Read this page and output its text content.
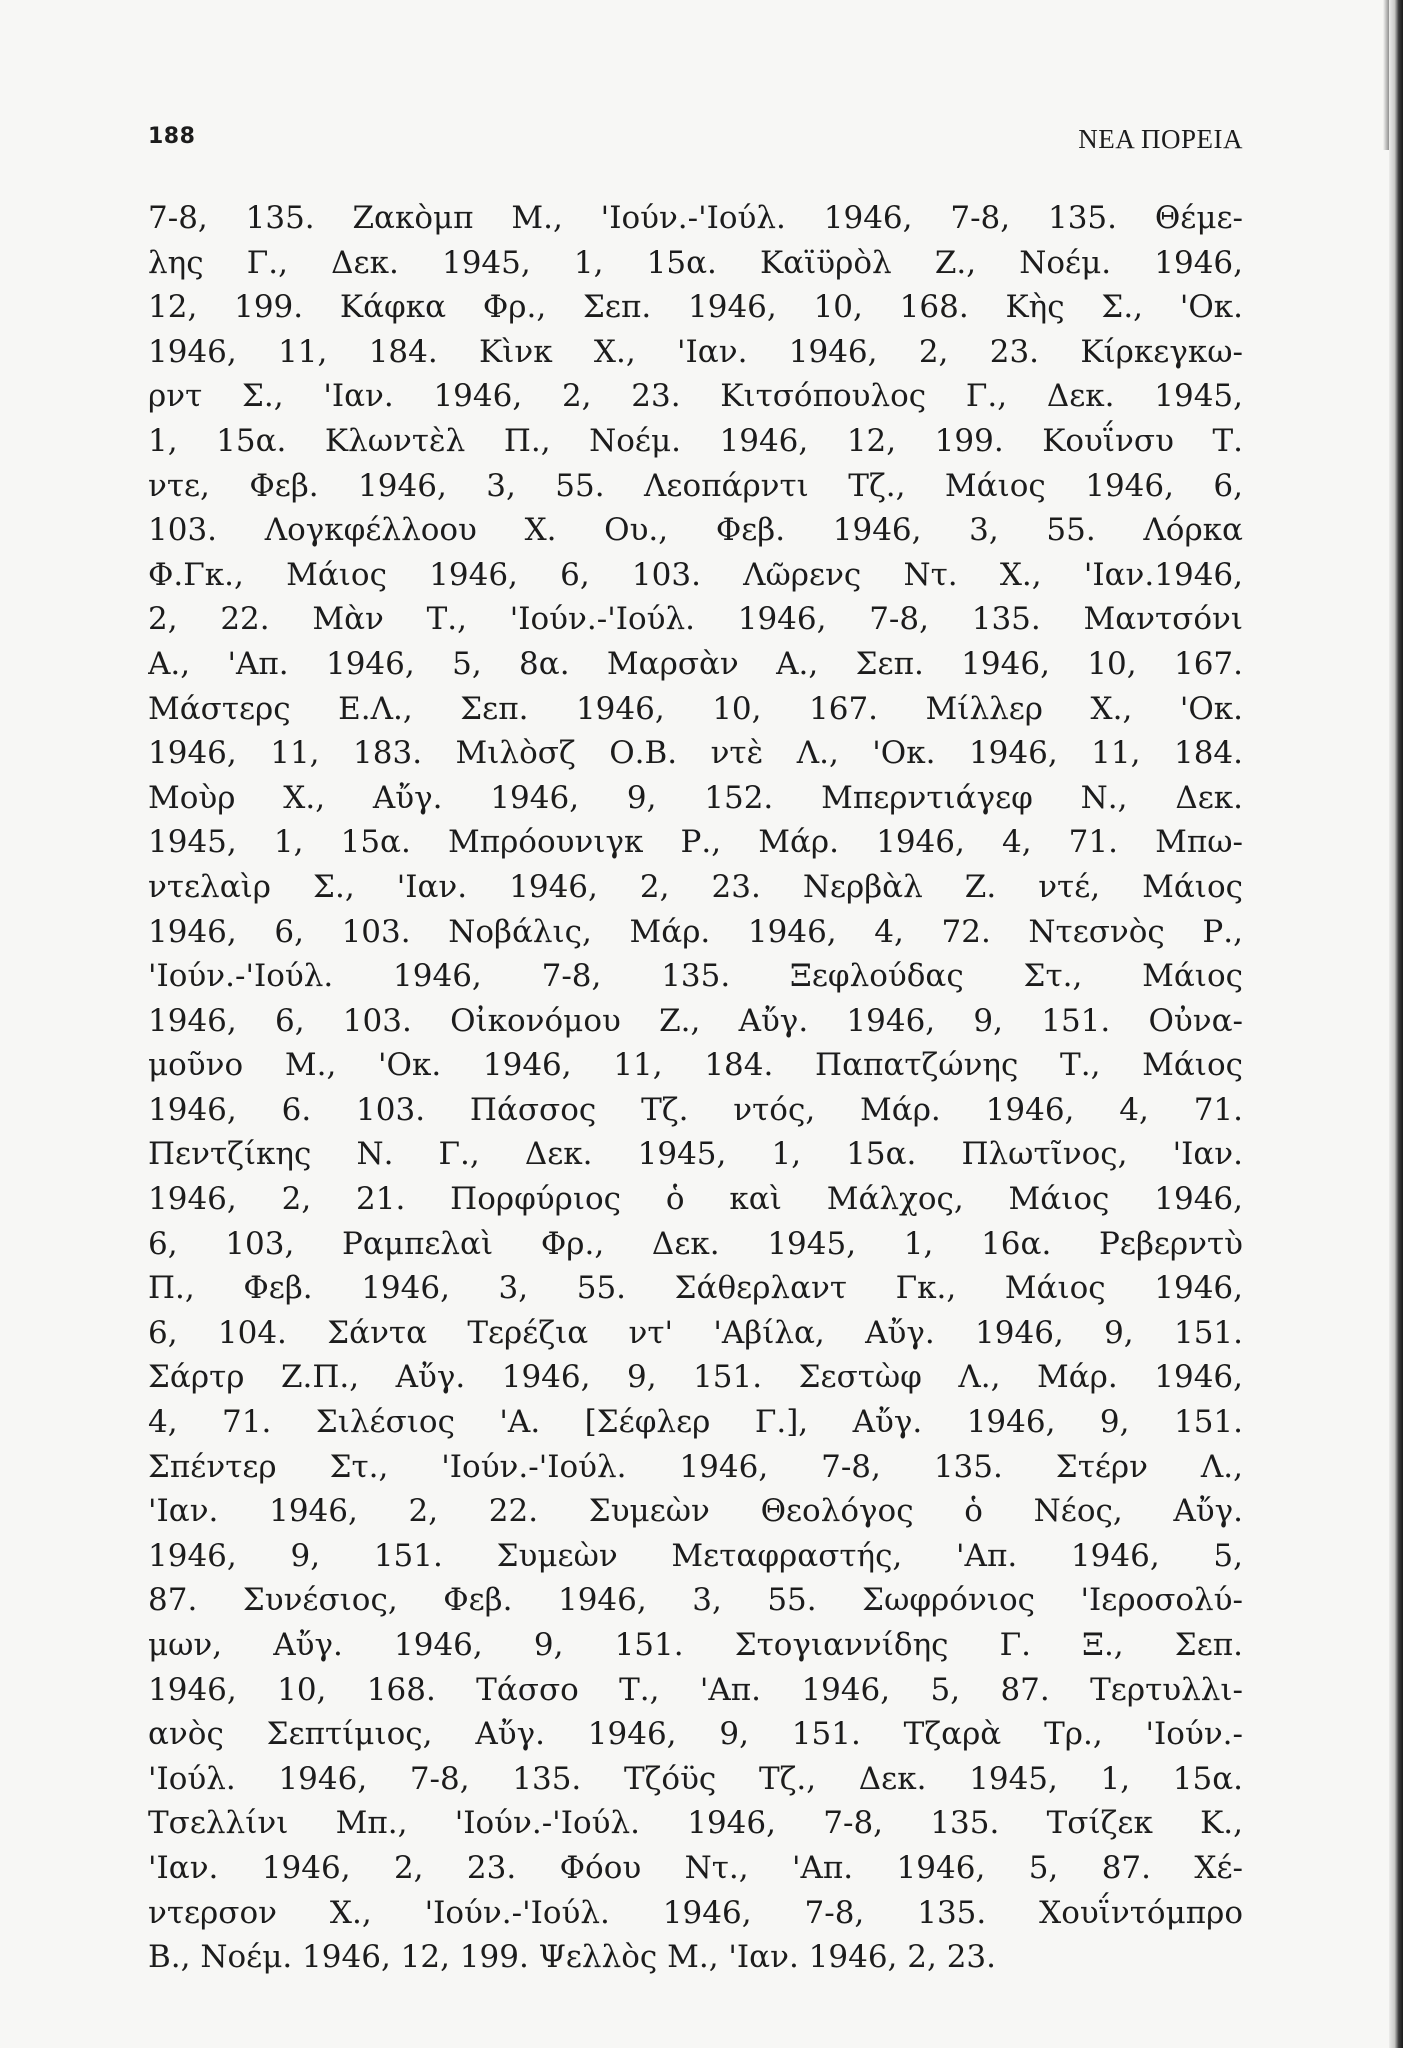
188	ΝΕΑ ΠΟΡΕΙΑ
7-8, 135. Ζακὸμπ Μ., 'Ιούν.-'Ιούλ. 1946, 7-8, 135. Θέμε-
λης Γ., Δεκ. 1945, 1, 15α. Καϊϋρὸλ Ζ., Νοέμ. 1946,
12, 199. Κάφκα Φρ., Σεπ. 1946, 10, 168. Κὴς Σ., 'Οκ.
1946, 11, 184. Κὶνκ Χ., 'Ιαν. 1946, 2, 23. Κίρκεγκω-
ρντ Σ., 'Ιαν. 1946, 2, 23. Κιτσόπουλος Γ., Δεκ. 1945,
1, 15α. Κλωντὲλ Π., Νοέμ. 1946, 12, 199. Κουΐνσυ Τ.
ντε, Φεβ. 1946, 3, 55. Λεοπάρντι Τζ., Μάιος 1946, 6,
103. Λογκφέλλοου Χ. Ου., Φεβ. 1946, 3, 55. Λόρκα
Φ.Γκ., Μάιος 1946, 6, 103. Λῶρενς Ντ. Χ., 'Ιαν.1946,
2, 22. Μὰν Τ., 'Ιούν.-'Ιούλ. 1946, 7-8, 135. Μαντσόνι
Α., 'Απ. 1946, 5, 8α. Μαρσὰν Α., Σεπ. 1946, 10, 167.
Μάστερς Ε.Λ., Σεπ. 1946, 10, 167. Μίλλερ Χ., 'Οκ.
1946, 11, 183. Μιλὸσζ Ο.Β. ντὲ Λ., 'Οκ. 1946, 11, 184.
Μοὺρ Χ., Αὔγ. 1946, 9, 152. Μπερντιάγεφ Ν., Δεκ.
1945, 1, 15α. Μπρόουνιγκ Ρ., Μάρ. 1946, 4, 71. Μπω-
ντελαὶρ Σ., 'Ιαν. 1946, 2, 23. Νερβὰλ Ζ. ντέ, Μάιος
1946, 6, 103. Νοβάλις, Μάρ. 1946, 4, 72. Ντεσνὸς Ρ.,
'Ιούν.-'Ιούλ. 1946, 7-8, 135. Ξεφλούδας Στ., Μάιος
1946, 6, 103. Οἰκονόμου Ζ., Αὔγ. 1946, 9, 151. Οὐνα-
μοῦνο Μ., 'Οκ. 1946, 11, 184. Παπατζώνης Τ., Μάιος
1946, 6. 103. Πάσσος Τζ. ντός, Μάρ. 1946, 4, 71.
Πεντζίκης Ν. Γ., Δεκ. 1945, 1, 15α. Πλωτῖνος, 'Ιαν.
1946, 2, 21. Πορφύριος ὁ καὶ Μάλχος, Μάιος 1946,
6, 103, Ραμπελαὶ Φρ., Δεκ. 1945, 1, 16α. Ρεβερντὺ
Π., Φεβ. 1946, 3, 55. Σάθερλαντ Γκ., Μάιος 1946,
6, 104. Σάντα Τερέζια ντ' 'Αβίλα, Αὔγ. 1946, 9, 151.
Σάρτρ Ζ.Π., Αὔγ. 1946, 9, 151. Σεστὼφ Λ., Μάρ. 1946,
4, 71. Σιλέσιος 'Α. [Σέφλερ Γ.], Αὔγ. 1946, 9, 151.
Σπέντερ Στ., 'Ιούν.-'Ιούλ. 1946, 7-8, 135. Στέρν Λ.,
'Ιαν. 1946, 2, 22. Συμεὼν Θεολόγος ὁ Νέος, Αὔγ.
1946, 9, 151. Συμεὼν Μεταφραστής, 'Απ. 1946, 5,
87. Συνέσιος, Φεβ. 1946, 3, 55. Σωφρόνιος 'Ιεροσολύ-
μων, Αὔγ. 1946, 9, 151. Στογιαννίδης Γ. Ξ., Σεπ.
1946, 10, 168. Τάσσο Τ., 'Απ. 1946, 5, 87. Τερτυλλι-
ανὸς Σεπτίμιος, Αὔγ. 1946, 9, 151. Τζαρὰ Τρ., 'Ιούν.-
'Ιούλ. 1946, 7-8, 135. Τζόϋς Τζ., Δεκ. 1945, 1, 15α.
Τσελλίνι Μπ., 'Ιούν.-'Ιούλ. 1946, 7-8, 135. Τσίζεκ Κ.,
'Ιαν. 1946, 2, 23. Φόου Ντ., 'Απ. 1946, 5, 87. Χέ-
ντερσον Χ., 'Ιούν.-'Ιούλ. 1946, 7-8, 135. Χουΐντόμπρο
Β., Νοέμ. 1946, 12, 199. Ψελλὸς Μ., 'Ιαν. 1946, 2, 23.
